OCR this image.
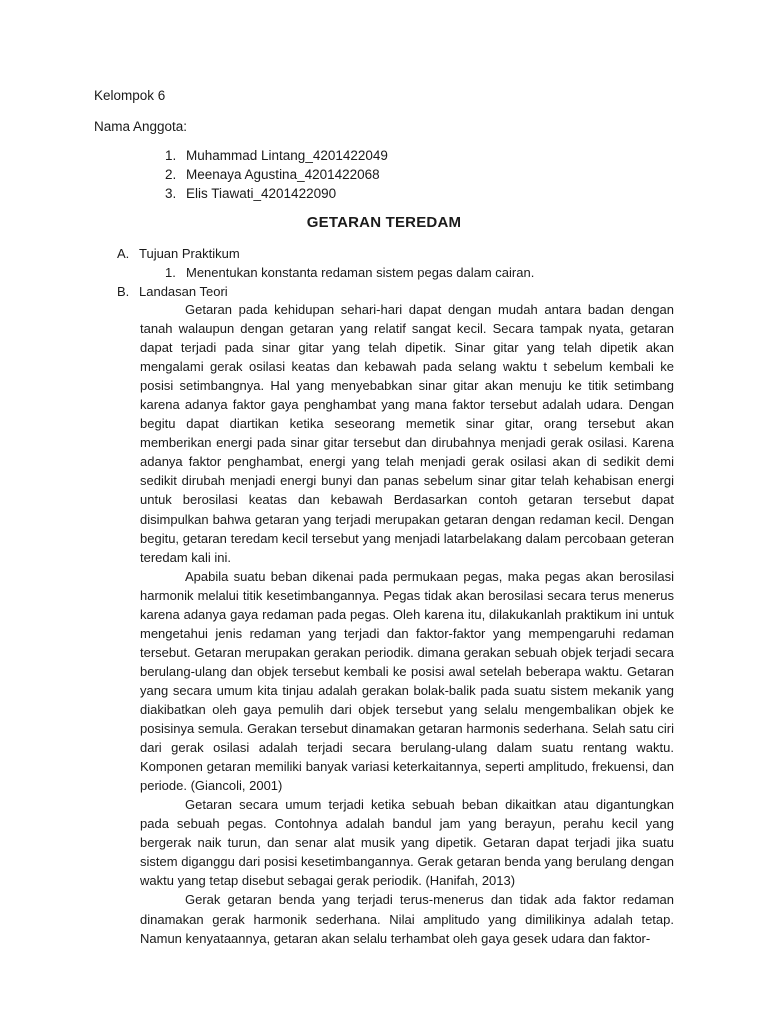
Kelompok 6
Nama Anggota:
1. Muhammad Lintang_4201422049
2. Meenaya Agustina_4201422068
3. Elis Tiawati_4201422090
GETARAN TEREDAM
A. Tujuan Praktikum
1. Menentukan konstanta redaman sistem pegas dalam cairan.
B. Landasan Teori

Getaran pada kehidupan sehari-hari dapat dengan mudah antara badan dengan tanah walaupun dengan getaran yang relatif sangat kecil. Secara tampak nyata, getaran dapat terjadi pada sinar gitar yang telah dipetik. Sinar gitar yang telah dipetik akan mengalami gerak osilasi keatas dan kebawah pada selang waktu t sebelum kembali ke posisi setimbangnya. Hal yang menyebabkan sinar gitar akan menuju ke titik setimbang karena adanya faktor gaya penghambat yang mana faktor tersebut adalah udara. Dengan begitu dapat diartikan ketika seseorang memetik sinar gitar, orang tersebut akan memberikan energi pada sinar gitar tersebut dan dirubahnya menjadi gerak osilasi. Karena adanya faktor penghambat, energi yang telah menjadi gerak osilasi akan di sedikit demi sedikit dirubah menjadi energi bunyi dan panas sebelum sinar gitar telah kehabisan energi untuk berosilasi keatas dan kebawah Berdasarkan contoh getaran tersebut dapat disimpulkan bahwa getaran yang terjadi merupakan getaran dengan redaman kecil. Dengan begitu, getaran teredam kecil tersebut yang menjadi latarbelakang dalam percobaan geteran teredam kali ini.

Apabila suatu beban dikenai pada permukaan pegas, maka pegas akan berosilasi harmonik melalui titik kesetimbangannya. Pegas tidak akan berosilasi secara terus menerus karena adanya gaya redaman pada pegas. Oleh karena itu, dilakukanlah praktikum ini untuk mengetahui jenis redaman yang terjadi dan faktor-faktor yang mempengaruhi redaman tersebut. Getaran merupakan gerakan periodik. dimana gerakan sebuah objek terjadi secara berulang-ulang dan objek tersebut kembali ke posisi awal setelah beberapa waktu. Getaran yang secara umum kita tinjau adalah gerakan bolak-balik pada suatu sistem mekanik yang diakibatkan oleh gaya pemulih dari objek tersebut yang selalu mengembalikan objek ke posisinya semula. Gerakan tersebut dinamakan getaran harmonis sederhana. Selah satu ciri dari gerak osilasi adalah terjadi secara berulang-ulang dalam suatu rentang waktu. Komponen getaran memiliki banyak variasi keterkaitannya, seperti amplitudo, frekuensi, dan periode. (Giancoli, 2001)

Getaran secara umum terjadi ketika sebuah beban dikaitkan atau digantungkan pada sebuah pegas. Contohnya adalah bandul jam yang berayun, perahu kecil yang bergerak naik turun, dan senar alat musik yang dipetik. Getaran dapat terjadi jika suatu sistem diganggu dari posisi kesetimbangannya. Gerak getaran benda yang berulang dengan waktu yang tetap disebut sebagai gerak periodik. (Hanifah, 2013)

Gerak getaran benda yang terjadi terus-menerus dan tidak ada faktor redaman dinamakan gerak harmonik sederhana. Nilai amplitudo yang dimilikinya adalah tetap. Namun kenyataannya, getaran akan selalu terhambat oleh gaya gesek udara dan faktor-
